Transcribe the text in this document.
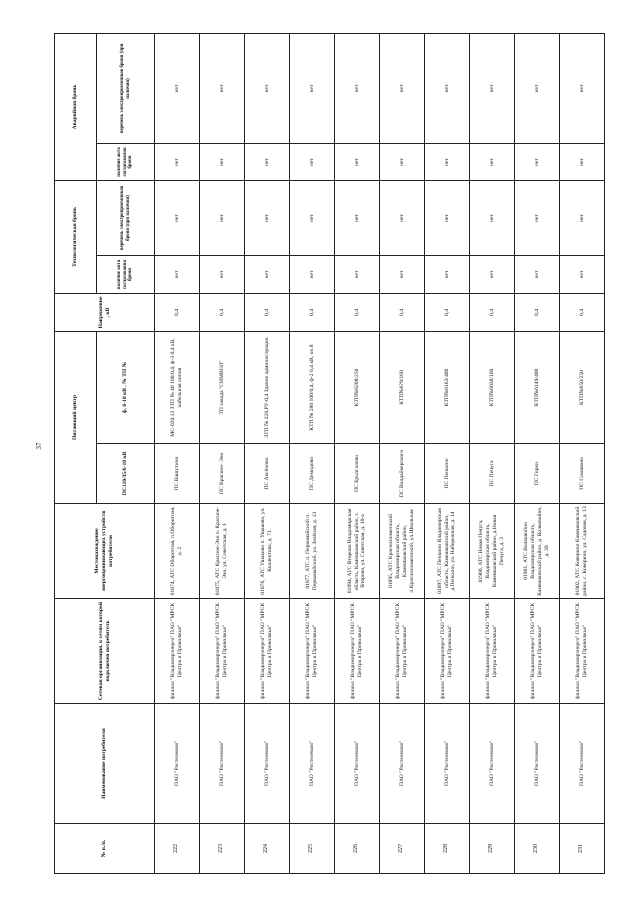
37
№ п./п.	Наименование потребителя	Сетевая организация, к сетям которой подключен потребитель	Местонахождение энергопринимающих устройств потребителя	Питающий центр		Напряжение, кВ	Технологическая бронь		Аварийная бронь	
				ПС110/35/6-10 кВ	ф. 6-10 кВ , № ТП №		наличие акта согласования брони	перечень электроприемников брони (при наличии)	наличие акта согласования брони	перечень электроприемников брони (при наличии)
222	ПАО "Ростелеком"	филиал "Владимирэнерго" ПАО "МРСК Центра и Приволжья"	01874, АТС Оборотная, п.Оборотная, д. 2	ПС Вашутино	МС-020.13 ЗТП № 40 100/0,4, ф-3 0,4 кВ, кабельная линия	0,4	нет	нет	нет	нет
223	ПАО "Ростелеком"	филиал "Владимирэнерго" ПАО "МРСК Центра и Приволжья"	01875, АТС Красное-Эхо п. Красное-Эхо, ул. Советская, д. 1	ПС Красное- Эхо	ТП завода "СИМВОЛ"	0,4	нет	нет	нет	нет
224	ПАО "Ростелеком"	филиал "Владимирэнерго" ПАО "МРСК Центра и Приволжья"	01876, АТС Ушаково п. Ушаково, ул. Коллектива, д. 71	ПС Аксёново	ЗТП № 220,РУ-0,4 Здание администрации	0,4	нет	нет	нет	нет
225	ПАО "Ростелеком"	филиал "Владимирэнерго" ПАО "МРСК Центра и Приволжья"	01877, АТС п. Первомайский п. Первомайский, ул. Зелёная, д. 13	ПС Демидово	КТП № 280 100/0,4, ф-2 0,4 кВ, оп.8	0,4	нет	нет	нет	нет
226	ПАО "Ростелеком"	филиал "Владимирэнерго" ПАО "МРСК Центра и Приволжья"	01894, АТС Второво Владимирская область, Камешковский район, с. Второво, ул. Советская, д. 10-а	ПС Брызгалово	КТП№6208/250	0,4	нет	нет	нет	нет
227	ПАО "Ростелеком"	филиал "Владимирэнерго" ПАО "МРСК Центра и Приволжья"	01895, АТС Краснознаменский Владимирская область, Камешковский район, п.Краснознаменский, ул.Школьная	ПС Волдайкерского	КТП№6?9/160	0,4	нет	нет	нет	нет
228	ПАО "Ростелеком"	филиал "Владимирэнерго" ПАО "МРСК Центра и Приволжья"	01897, АТС Пенкино Владимирская область, Камешковский район, д.Пенкино, ул. Набережная, д. 14	ПС Пенкино	КТП№6163/400	0,4	нет	нет	нет	нет
229	ПАО "Ростелеком"	филиал "Владимирэнерго" ПАО "МРСК Центра и Приволжья"	01900, АТС Новая Печуга, Владимирская область, Камешковский район, д.Новая Печуга, д. 3	ПС Печуга	КТП№6038/160	0,4	нет	нет	нет	нет
230	ПАО "Ростелеком"	филиал "Владимирэнерго" ПАО "МРСК Центра и Приволжья"	01901, АТС Волковойно Владимирская область, Камешковский район, д. Волковойно, д. 39	ПС Горки	КТП№6149/400	0,4	нет	нет	нет	нет
231	ПАО "Ростелеком"	филиал "Владимирэнерго" ПАО "МРСК Центра и Приволжья"	01902, АТС Коверино Камешковский район, с. Коверино, ул. Садовая, д. 13	ПС Симаково	КТП№650/250	0,4	нет	нет	нет	нет
